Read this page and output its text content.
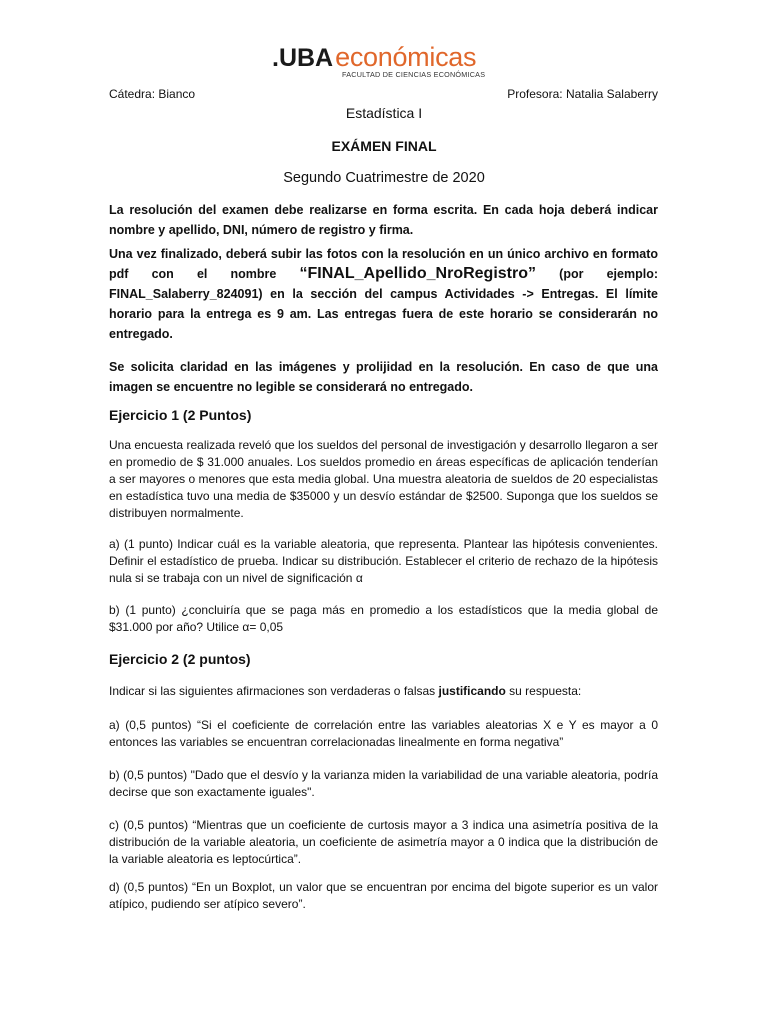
.UBA económicas
FACULTAD DE CIENCIAS ECONÓMICAS
Cátedra: Bianco	Profesora: Natalia Salaberry
Estadística I
EXÁMEN FINAL
Segundo Cuatrimestre de 2020
La resolución del examen debe realizarse en forma escrita. En cada hoja deberá indicar nombre y apellido, DNI, número de registro y firma.
Una vez finalizado, deberá subir las fotos con la resolución en un único archivo en formato pdf con el nombre “FINAL_Apellido_NroRegistro” (por ejemplo: FINAL_Salaberry_824091) en la sección del campus Actividades -> Entregas. El límite horario para la entrega es 9 am. Las entregas fuera de este horario se considerarán no entregado.
Se solicita claridad en las imágenes y prolijidad en la resolución. En caso de que una imagen se encuentre no legible se considerará no entregado.
Ejercicio 1 (2 Puntos)
Una encuesta realizada reveló que los sueldos del personal de investigación y desarrollo llegaron a ser en promedio de $ 31.000 anuales. Los sueldos promedio en áreas específicas de aplicación tenderían a ser mayores o menores que esta media global. Una muestra aleatoria de sueldos de 20 especialistas en estadística tuvo una media de $35000 y un desvío estándar de $2500. Suponga que los sueldos se distribuyen normalmente.
a) (1 punto) Indicar cuál es la variable aleatoria, que representa. Plantear las hipótesis convenientes. Definir el estadístico de prueba. Indicar su distribución. Establecer el criterio de rechazo de la hipótesis nula si se trabaja con un nivel de significación α
b) (1 punto) ¿concluiría que se paga más en promedio a los estadísticos que la media global de $31.000 por año? Utilice α= 0,05
Ejercicio 2 (2 puntos)
Indicar si las siguientes afirmaciones son verdaderas o falsas justificando su respuesta:
a) (0,5 puntos) “Si el coeficiente de correlación entre las variables aleatorias X e Y es mayor a 0 entonces las variables se encuentran correlacionadas linealmente en forma negativa”
b) (0,5 puntos) "Dado que el desvío y la varianza miden la variabilidad de una variable aleatoria, podría decirse que son exactamente iguales".
c) (0,5 puntos) “Mientras que un coeficiente de curtosis mayor a 3 indica una asimetría positiva de la distribución de la variable aleatoria, un coeficiente de asimetría mayor a 0 indica que la distribución de la variable aleatoria es leptocúrtica”.
d) (0,5 puntos) “En un Boxplot, un valor que se encuentran por encima del bigote superior es un valor atípico, pudiendo ser atípico severo”.
